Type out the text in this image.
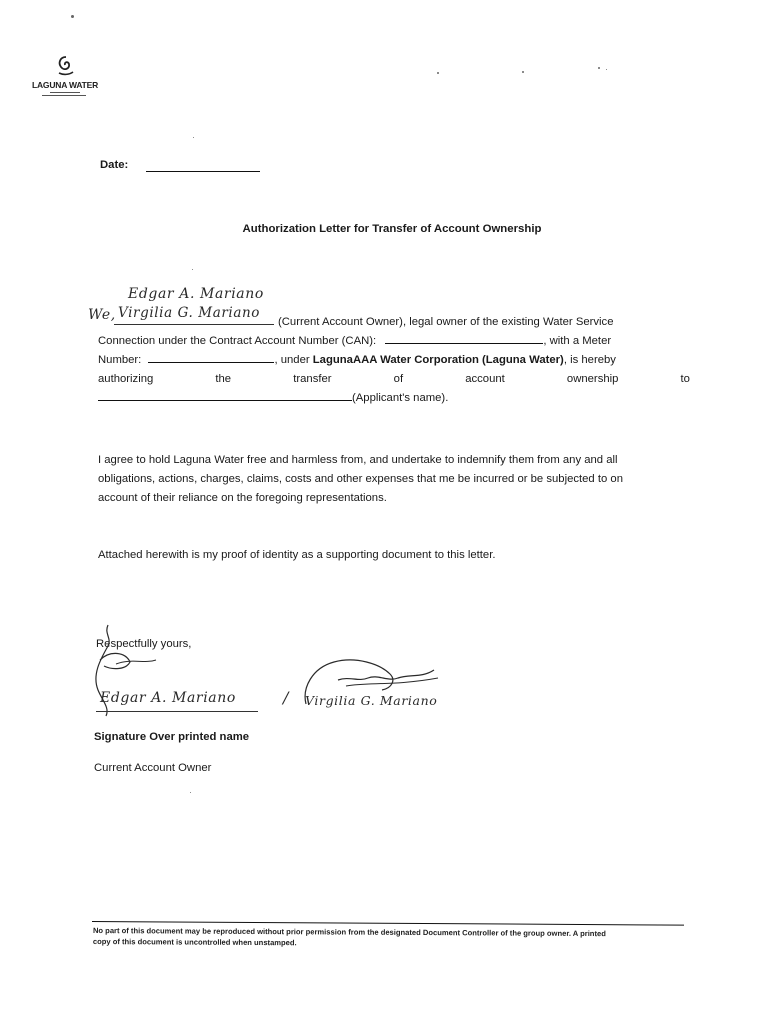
LAGUNA WATER
Date:
Authorization Letter for Transfer of Account Ownership
Edgar A. Mariano
We, Virgilia G. Mariano
(Current Account Owner), legal owner of the existing Water Service
Connection under the Contract Account Number (CAN):	, with a Meter
Number:	, under LagunaAAA Water Corporation (Laguna Water), is hereby
authorizing	the	transfer	of	account	ownership	to
(Applicant's name).
I agree to hold Laguna Water free and harmless from, and undertake to indemnify them from any and all
obligations, actions, charges, claims, costs and other expenses that me be incurred or be subjected to on
account of their reliance on the foregoing representations.
Attached herewith is my proof of identity as a supporting document to this letter.
Respectfully yours,
Edgar A. Mariano	/ Virgilia G. Mariano
Signature Over printed name
Current Account Owner
No part of this document may be reproduced without prior permission from the designated Document Controller of the group owner. A printed
copy of this document is uncontrolled when unstamped.
